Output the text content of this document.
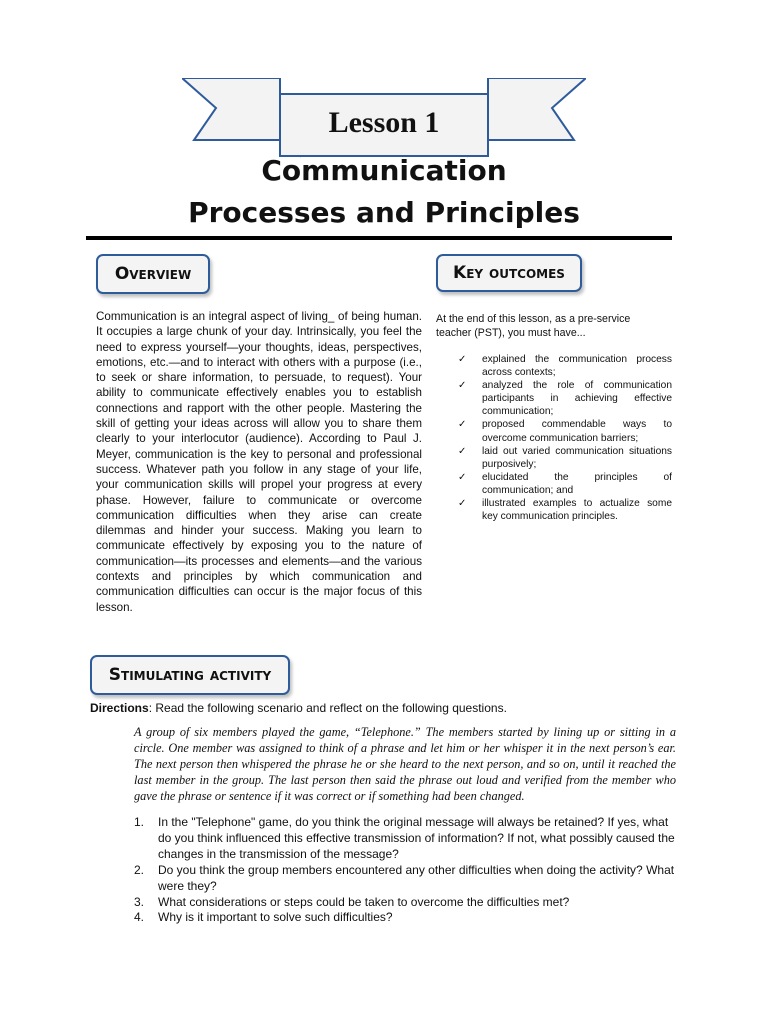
Lesson 1
Communication
Processes and Principles
Overview
Communication is an integral aspect of living_ of being human. It occupies a large chunk of your day. Intrinsically, you feel the need to express yourself—your thoughts, ideas, perspectives, emotions, etc.—and to interact with others with a purpose (i.e., to seek or share information, to persuade, to request). Your ability to communicate effectively enables you to establish connections and rapport with the other people. Mastering the skill of getting your ideas across will allow you to share them clearly to your interlocutor (audience). According to Paul J. Meyer, communication is the key to personal and professional success. Whatever path you follow in any stage of your life, your communication skills will propel your progress at every phase. However, failure to communicate or overcome communication difficulties when they arise can create dilemmas and hinder your success. Making you learn to communicate effectively by exposing you to the nature of communication—its processes and elements—and the various contexts and principles by which communication and communication difficulties can occur is the major focus of this lesson.
Key outcomes
At the end of this lesson, as a pre-service teacher (PST), you must have...
✓ explained the communication process across contexts;
✓ analyzed the role of communication participants in achieving effective communication;
✓ proposed commendable ways to overcome communication barriers;
✓ laid out varied communication situations purposively;
✓ elucidated the principles of communication; and
✓ illustrated examples to actualize some key communication principles.
Stimulating activity
Directions: Read the following scenario and reflect on the following questions.
A group of six members played the game, “Telephone.” The members started by lining up or sitting in a circle. One member was assigned to think of a phrase and let him or her whisper it in the next person’s ear. The next person then whispered the phrase he or she heard to the next person, and so on, until it reached the last member in the group. The last person then said the phrase out loud and verified from the member who gave the phrase or sentence if it was correct or if something had been changed.
1. In the "Telephone" game, do you think the original message will always be retained? If yes, what do you think influenced this effective transmission of information? If not, what possibly caused the changes in the transmission of the message?
2. Do you think the group members encountered any other difficulties when doing the activity? What were they?
3. What considerations or steps could be taken to overcome the difficulties met?
4. Why is it important to solve such difficulties?
